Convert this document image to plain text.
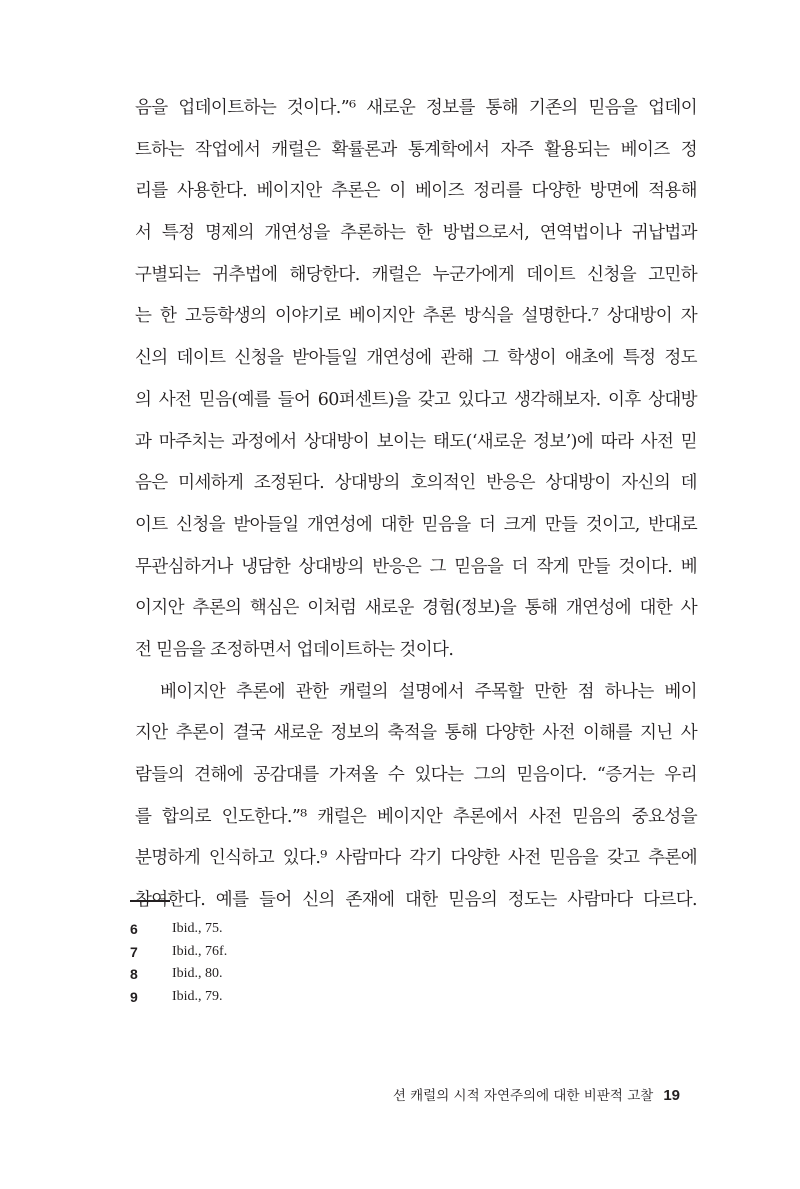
음을 업데이트하는 것이다.”⁶ 새로운 정보를 통해 기존의 믿음을 업데이
트하는 작업에서 캐럴은 확률론과 통계학에서 자주 활용되는 베이즈 정
리를 사용한다. 베이지안 추론은 이 베이즈 정리를 다양한 방면에 적용해
서 특정 명제의 개연성을 추론하는 한 방법으로서, 연역법이나 귀납법과
구별되는 귀추법에 해당한다. 캐럴은 누군가에게 데이트 신청을 고민하
는 한 고등학생의 이야기로 베이지안 추론 방식을 설명한다.⁷ 상대방이 자
신의 데이트 신청을 받아들일 개연성에 관해 그 학생이 애초에 특정 정도
의 사전 믿음(예를 들어 60퍼센트)을 갖고 있다고 생각해보자. 이후 상대방
과 마주치는 과정에서 상대방이 보이는 태도(‘새로운 정보’)에 따라 사전 믿
음은 미세하게 조정된다. 상대방의 호의적인 반응은 상대방이 자신의 데
이트 신청을 받아들일 개연성에 대한 믿음을 더 크게 만들 것이고, 반대로
무관심하거나 냉담한 상대방의 반응은 그 믿음을 더 작게 만들 것이다. 베
이지안 추론의 핵심은 이처럼 새로운 경험(정보)을 통해 개연성에 대한 사
전 믿음을 조정하면서 업데이트하는 것이다.
베이지안 추론에 관한 캐럴의 설명에서 주목할 만한 점 하나는 베이
지안 추론이 결국 새로운 정보의 축적을 통해 다양한 사전 이해를 지닌 사
람들의 견해에 공감대를 가져올 수 있다는 그의 믿음이다. “증거는 우리
를 합의로 인도한다.”⁸ 캐럴은 베이지안 추론에서 사전 믿음의 중요성을
분명하게 인식하고 있다.⁹ 사람마다 각기 다양한 사전 믿음을 갖고 추론에
참여한다. 예를 들어 신의 존재에 대한 믿음의 정도는 사람마다 다르다.
6	Ibid., 75.
7	Ibid., 76f.
8	Ibid., 80.
9	Ibid., 79.
션 캐럴의 시적 자연주의에 대한 비판적 고찰 19
